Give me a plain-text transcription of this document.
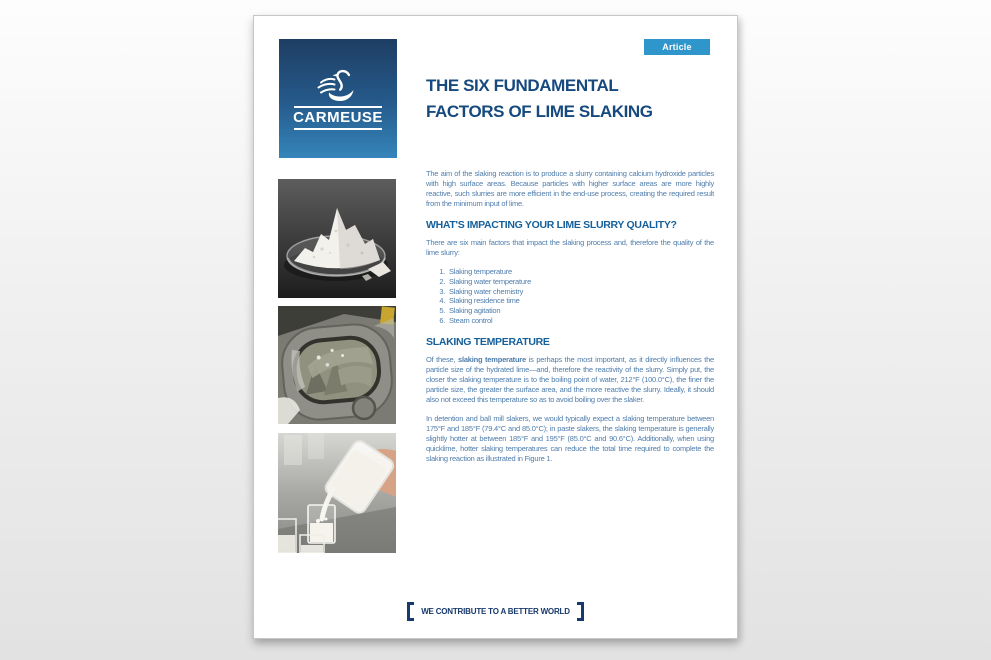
CARMEUSE
Article
THE SIX FUNDAMENTAL
FACTORS OF LIME SLAKING

The aim of the slaking reaction is to produce a slurry containing calcium hydroxide particles with high surface areas. Because particles with higher surface areas are more highly reactive, such slurries are more efficient in the end-use process, creating the required result from the minimum input of lime.

WHAT'S IMPACTING YOUR LIME SLURRY QUALITY?

There are six main factors that impact the slaking process and, therefore the quality of the lime slurry:

1. Slaking temperature
2. Slaking water temperature
3. Slaking water chemistry
4. Slaking residence time
5. Slaking agitation
6. Steam control
SLAKING TEMPERATURE

Of these, slaking temperature is perhaps the most important, as it directly influences the particle size of the hydrated lime—and, therefore the reactivity of the slurry. Simply put, the closer the slaking temperature is to the boiling point of water, 212°F (100.0°C), the finer the particle size, the greater the surface area, and the more reactive the slurry. Ideally, it should also not exceed this temperature so as to avoid boiling over the slaker.

In detention and ball mill slakers, we would typically expect a slaking temperature between 175°F and 185°F (79.4°C and 85.0°C); in paste slakers, the slaking temperature is generally slightly hotter at between 185°F and 195°F (85.0°C and 90.6°C). Additionally, when using quicklime, hotter slaking temperatures can reduce the total time required to complete the slaking reaction as illustrated in Figure 1.

WE CONTRIBUTE TO A BETTER WORLD
